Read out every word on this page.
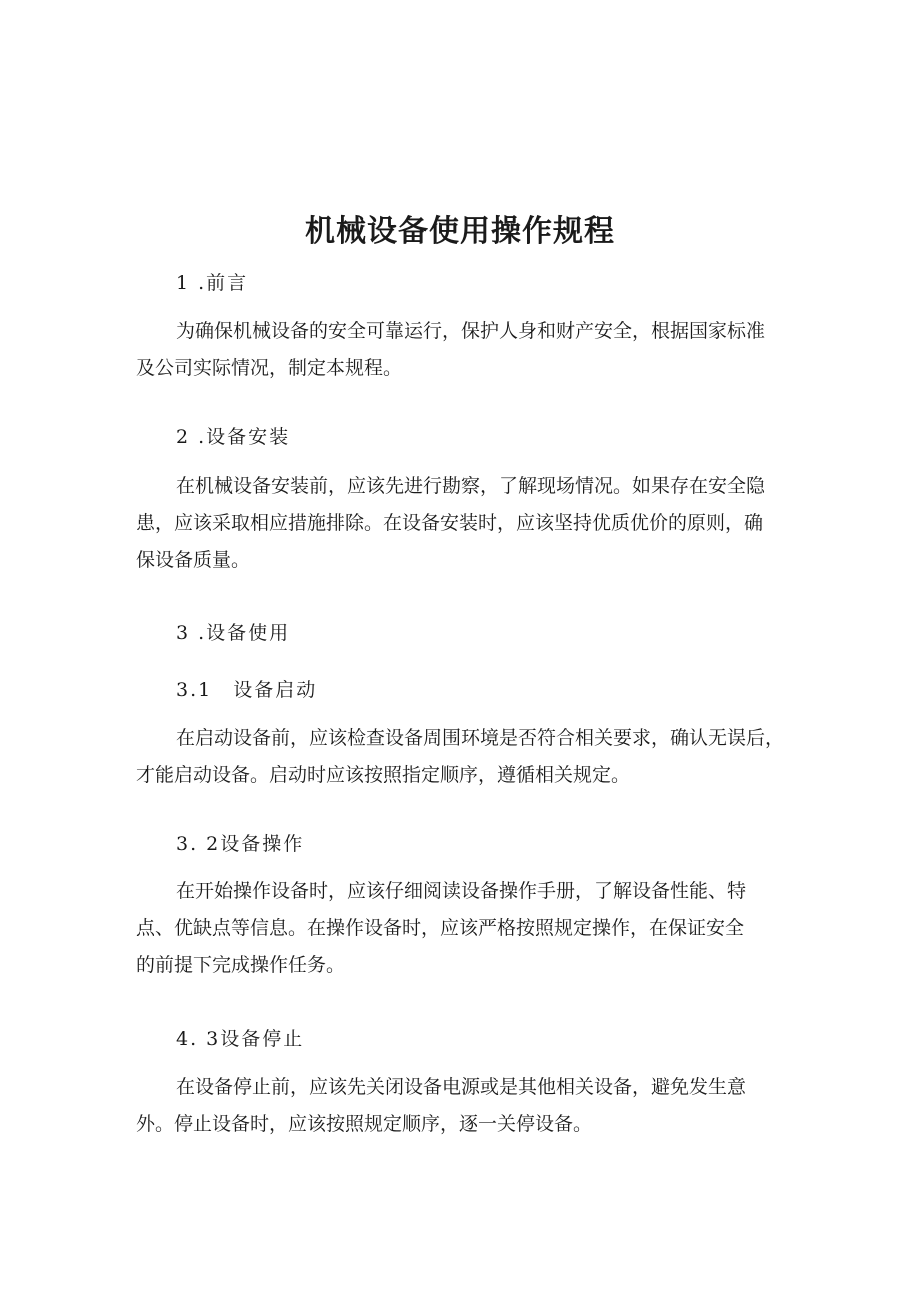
机械设备使用操作规程
1 .前言

为确保机械设备的安全可靠运行，保护人身和财产安全，根据国家标准
及公司实际情况，制定本规程。

2 .设备安装

在机械设备安装前，应该先进行勘察，了解现场情况。如果存在安全隐
患，应该采取相应措施排除。在设备安装时，应该坚持优质优价的原则，确
保设备质量。

3 .设备使用
3.1　设备启动

在启动设备前，应该检查设备周围环境是否符合相关要求，确认无误后，
才能启动设备。启动时应该按照指定顺序，遵循相关规定。

3. 2设备操作

在开始操作设备时，应该仔细阅读设备操作手册，了解设备性能、特
点、优缺点等信息。在操作设备时，应该严格按照规定操作，在保证安全
的前提下完成操作任务。

4. 3设备停止

在设备停止前，应该先关闭设备电源或是其他相关设备，避免发生意
外。停止设备时，应该按照规定顺序，逐一关停设备。
